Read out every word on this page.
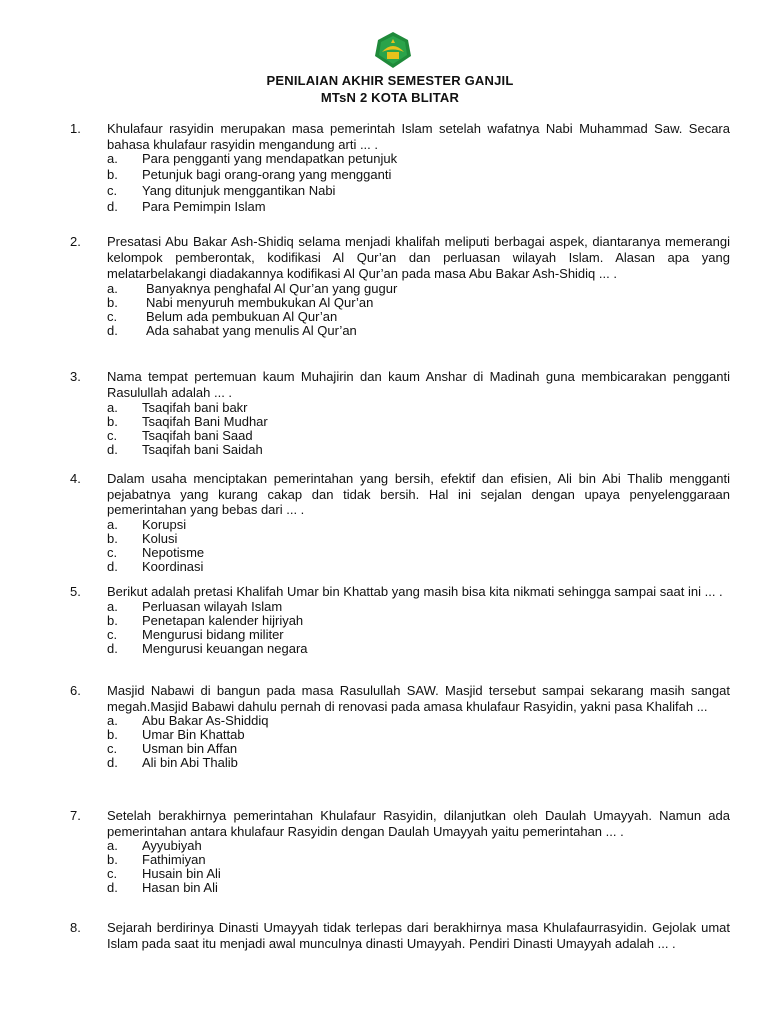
PENILAIAN AKHIR SEMESTER GANJIL
MTsN 2 KOTA BLITAR
1.	Khulafaur rasyidin merupakan masa pemerintah Islam setelah wafatnya Nabi Muhammad Saw. Secara bahasa khulafaur rasyidin mengandung arti ... .
a. Para pengganti yang mendapatkan petunjuk
b. Petunjuk bagi orang-orang yang mengganti
c. Yang ditunjuk menggantikan Nabi
d. Para Pemimpin Islam
2.	Presatasi Abu Bakar Ash-Shidiq selama menjadi khalifah meliputi berbagai aspek, diantaranya memerangi kelompok pemberontak, kodifikasi Al Qur’an dan perluasan wilayah Islam. Alasan apa yang melatarbelakangi diadakannya kodifikasi Al Qur’an pada masa Abu Bakar Ash-Shidiq ... .
a. Banyaknya penghafal Al Qur’an yang gugur
b. Nabi menyuruh membukukan Al Qur’an
c. Belum ada pembukuan Al Qur’an
d. Ada sahabat yang menulis Al Qur’an
3.	Nama tempat pertemuan kaum Muhajirin dan kaum Anshar di Madinah guna membicarakan pengganti Rasulullah adalah ... .
a. Tsaqifah bani bakr
b. Tsaqifah Bani Mudhar
c. Tsaqifah bani Saad
d. Tsaqifah bani Saidah
4.	Dalam usaha menciptakan pemerintahan yang bersih, efektif dan efisien, Ali bin Abi Thalib mengganti pejabatnya yang kurang cakap dan tidak bersih. Hal ini sejalan dengan upaya penyelenggaraan pemerintahan yang bebas dari ... .
a. Korupsi
b. Kolusi
c. Nepotisme
d. Koordinasi
5.	Berikut adalah pretasi Khalifah Umar bin Khattab yang masih bisa kita nikmati sehingga sampai saat ini ... .
a. Perluasan wilayah Islam
b. Penetapan kalender hijriyah
c. Mengurusi bidang militer
d. Mengurusi keuangan negara
6.	Masjid Nabawi di bangun pada masa Rasulullah SAW. Masjid tersebut sampai sekarang masih sangat megah.Masjid Babawi dahulu pernah di renovasi pada amasa khulafaur Rasyidin, yakni pasa Khalifah ...
a. Abu Bakar As-Shiddiq
b. Umar Bin Khattab
c. Usman bin Affan
d. Ali bin Abi Thalib
7.	Setelah berakhirnya pemerintahan Khulafaur Rasyidin, dilanjutkan oleh Daulah Umayyah. Namun ada pemerintahan antara khulafaur Rasyidin dengan Daulah Umayyah yaitu pemerintahan ... .
a. Ayyubiyah
b. Fathimiyan
c. Husain bin Ali
d. Hasan bin Ali
8.	Sejarah berdirinya Dinasti Umayyah tidak terlepas dari berakhirnya masa Khulafaurrasyidin. Gejolak umat Islam pada saat itu menjadi awal munculnya dinasti Umayyah. Pendiri Dinasti Umayyah adalah ... .
